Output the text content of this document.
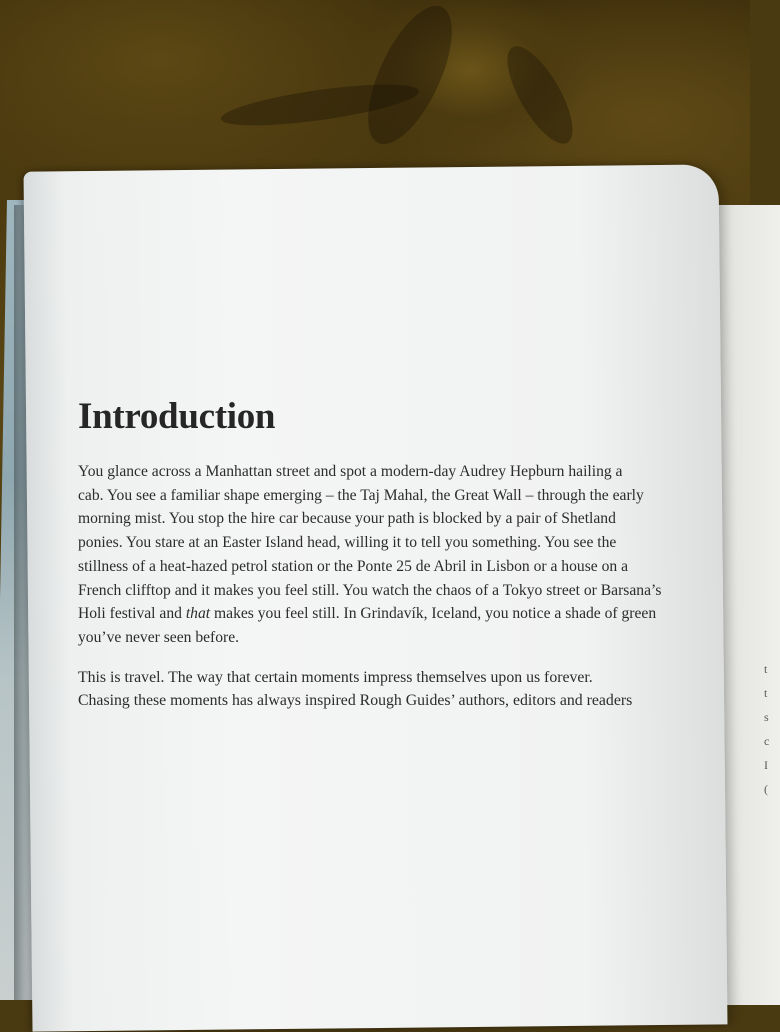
t
t
s
c
I
(

Introduction

You glance across a Manhattan street and spot a modern-day Audrey Hepburn hailing a
cab. You see a familiar shape emerging – the Taj Mahal, the Great Wall – through the early
morning mist. You stop the hire car because your path is blocked by a pair of Shetland
ponies. You stare at an Easter Island head, willing it to tell you something. You see the
stillness of a heat-hazed petrol station or the Ponte 25 de Abril in Lisbon or a house on a
French clifftop and it makes you feel still. You watch the chaos of a Tokyo street or Barsana’s
Holi festival and that makes you feel still. In Grindavík, Iceland, you notice a shade of green
you’ve never seen before.

This is travel. The way that certain moments impress themselves upon us forever.
Chasing these moments has always inspired Rough Guides’ authors, editors and readers
